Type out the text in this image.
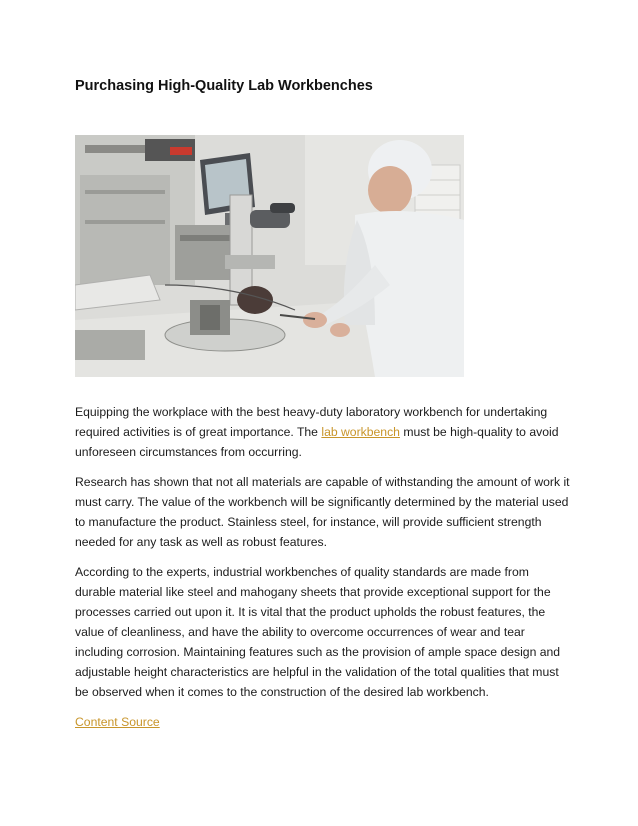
Purchasing High-Quality Lab Workbenches

Equipping the workplace with the best heavy-duty laboratory workbench for undertaking required activities is of great importance. The lab workbench must be high-quality to avoid unforeseen circumstances from occurring.

Research has shown that not all materials are capable of withstanding the amount of work it must carry. The value of the workbench will be significantly determined by the material used to manufacture the product. Stainless steel, for instance, will provide sufficient strength needed for any task as well as robust features.

According to the experts, industrial workbenches of quality standards are made from durable material like steel and mahogany sheets that provide exceptional support for the processes carried out upon it. It is vital that the product upholds the robust features, the value of cleanliness, and have the ability to overcome occurrences of wear and tear including corrosion. Maintaining features such as the provision of ample space design and adjustable height characteristics are helpful in the validation of the total qualities that must be observed when it comes to the construction of the desired lab workbench.

Content Source
